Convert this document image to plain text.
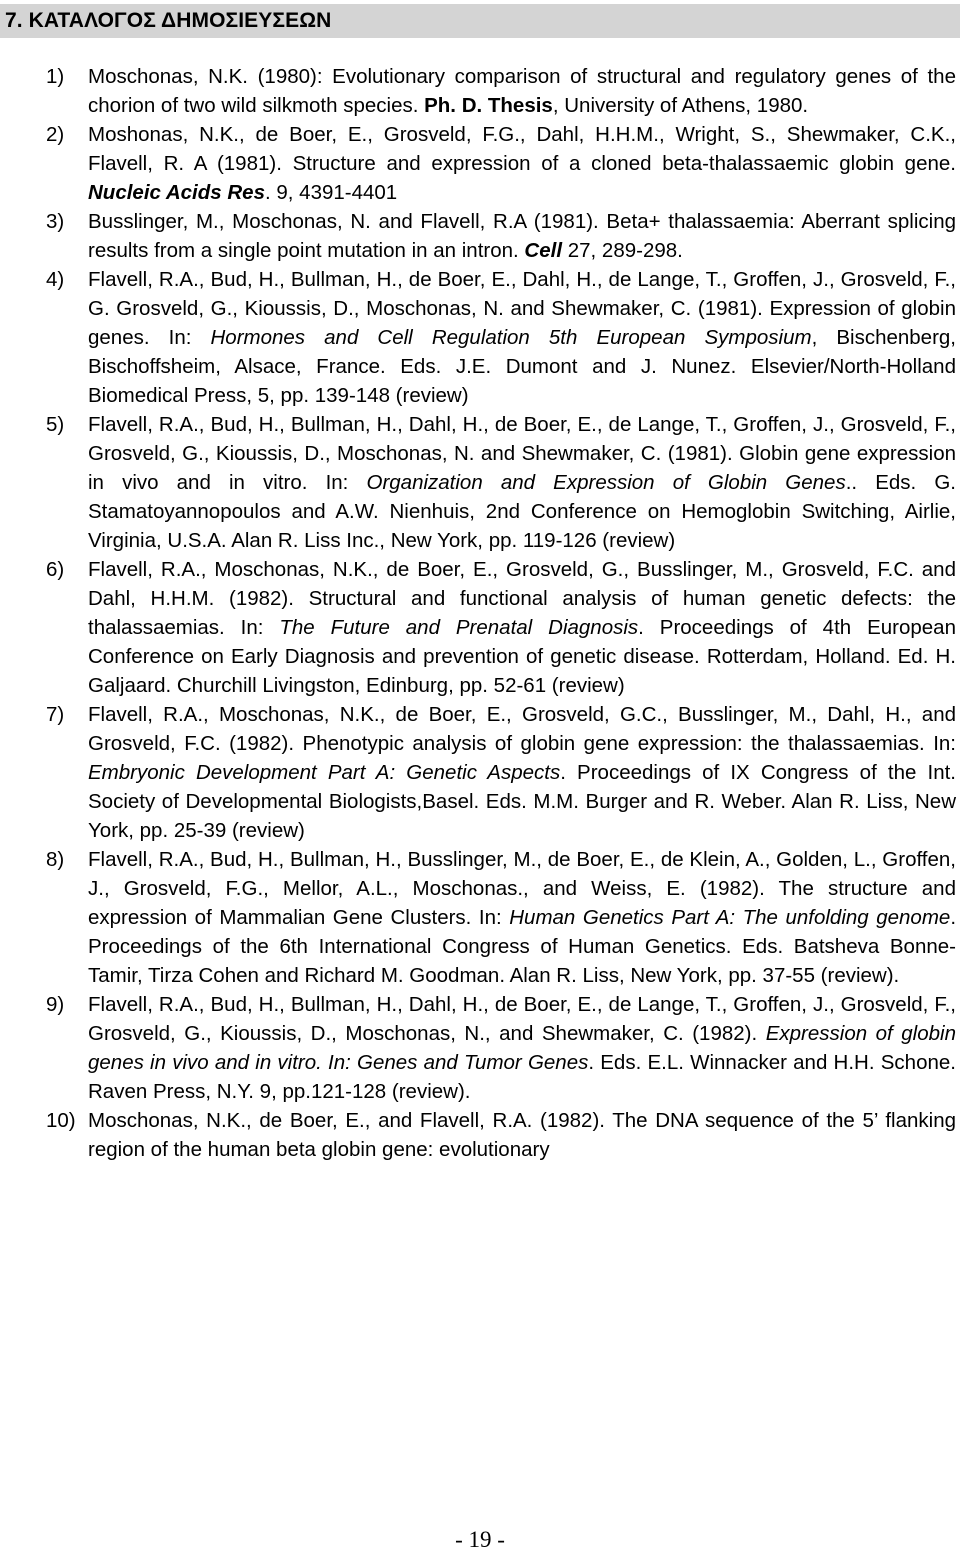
7. ΚΑΤΑΛΟΓΟΣ ΔΗΜΟΣΙΕΥΣΕΩΝ
1) Moschonas, N.K. (1980): Evolutionary comparison of structural and regulatory genes of the chorion of two wild silkmoth species. Ph. D. Thesis, University of Athens, 1980.
2) Moshonas, N.K., de Boer, E., Grosveld, F.G., Dahl, H.H.M., Wright, S., Shewmaker, C.K., Flavell, R. A (1981). Structure and expression of a cloned beta-thalassaemic globin gene. Nucleic Acids Res. 9, 4391-4401
3) Busslinger, M., Moschonas, N. and Flavell, R.A (1981). Beta+ thalassaemia: Aberrant splicing results from a single point mutation in an intron. Cell 27, 289-298.
4) Flavell, R.A., Bud, H., Bullman, H., de Boer, E., Dahl, H., de Lange, T., Groffen, J., Grosveld, F., G. Grosveld, G., Kioussis, D., Moschonas, N. and Shewmaker, C. (1981). Expression of globin genes. In: Hormones and Cell Regulation 5th European Symposium, Bischenberg, Bischoffsheim, Alsace, France. Eds. J.E. Dumont and J. Nunez. Elsevier/North-Holland Biomedical Press, 5, pp. 139-148 (review)
5) Flavell, R.A., Bud, H., Bullman, H., Dahl, H., de Boer, E., de Lange, T., Groffen, J., Grosveld, F., Grosveld, G., Kioussis, D., Moschonas, N. and Shewmaker, C. (1981). Globin gene expression in vivo and in vitro. In: Organization and Expression of Globin Genes.. Eds. G. Stamatoyannopoulos and A.W. Nienhuis, 2nd Conference on Hemoglobin Switching, Airlie, Virginia, U.S.A. Alan R. Liss Inc., New York, pp. 119-126 (review)
6) Flavell, R.A., Moschonas, N.K., de Boer, E., Grosveld, G., Busslinger, M., Grosveld, F.C. and Dahl, H.H.M. (1982). Structural and functional analysis of human genetic defects: the thalassaemias. In: The Future and Prenatal Diagnosis. Proceedings of 4th European Conference on Early Diagnosis and prevention of genetic disease. Rotterdam, Holland. Ed. H. Galjaard. Churchill Livingston, Edinburg, pp. 52-61 (review)
7) Flavell, R.A., Moschonas, N.K., de Boer, E., Grosveld, G.C., Busslinger, M., Dahl, H., and Grosveld, F.C. (1982). Phenotypic analysis of globin gene expression: the thalassaemias. In: Embryonic Development Part A: Genetic Aspects. Proceedings of IX Congress of the Int. Society of Developmental Biologists,Basel. Eds. M.M. Burger and R. Weber. Alan R. Liss, New York, pp. 25-39 (review)
8) Flavell, R.A., Bud, H., Bullman, H., Busslinger, M., de Boer, E., de Klein, A., Golden, L., Groffen, J., Grosveld, F.G., Mellor, A.L., Moschonas., and Weiss, E. (1982). The structure and expression of Mammalian Gene Clusters. In: Human Genetics Part A: The unfolding genome. Proceedings of the 6th International Congress of Human Genetics. Eds. Batsheva Bonne-Tamir, Tirza Cohen and Richard M. Goodman. Alan R. Liss, New York, pp. 37-55 (review).
9) Flavell, R.A., Bud, H., Bullman, H., Dahl, H., de Boer, E., de Lange, T., Groffen, J., Grosveld, F., Grosveld, G., Kioussis, D., Moschonas, N., and Shewmaker, C. (1982). Expression of globin genes in vivo and in vitro. In: Genes and Tumor Genes. Eds. E.L. Winnacker and H.H. Schone. Raven Press, N.Y. 9, pp.121-128 (review).
10) Moschonas, N.K., de Boer, E., and Flavell, R.A. (1982). The DNA sequence of the 5’ flanking region of the human beta globin gene: evolutionary
- 19 -
